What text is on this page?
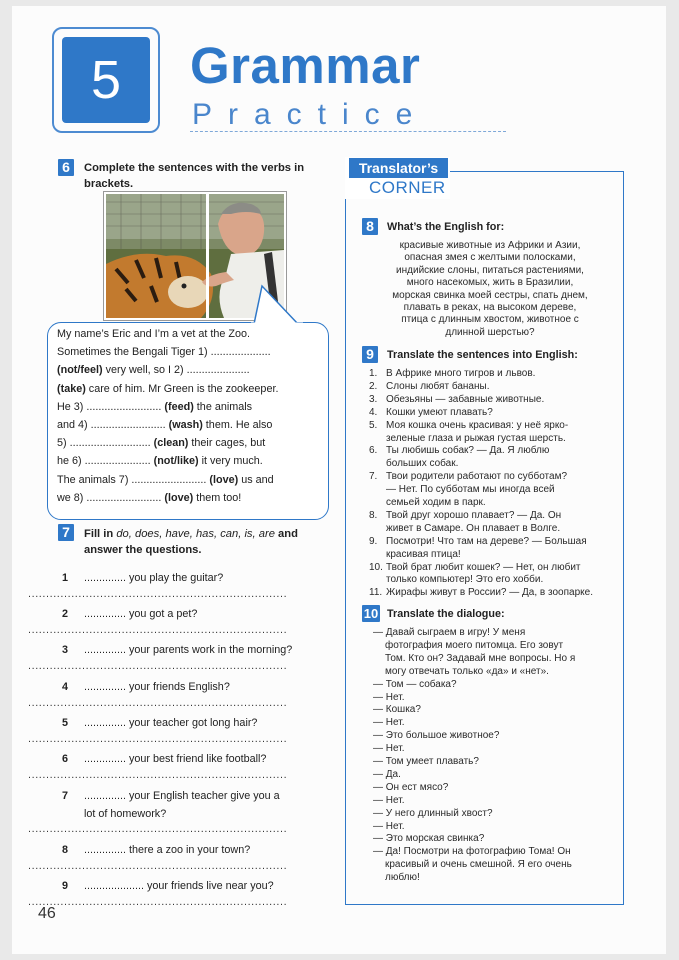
5	Grammar
Practice
6	Complete the sentences with the verbs in
brackets.
My name’s Eric and I’m a vet at the Zoo.
Sometimes the Bengali Tiger 1) ....................
(not/feel) very well, so I 2) .....................
(take) care of him. Mr Green is the zookeeper.
He 3) ......................... (feed) the animals
and 4) ......................... (wash) them. He also
5) ........................... (clean) their cages, but
he 6) ...................... (not/like) it very much.
The animals 7) ......................... (love) us and
we 8) ......................... (love) them too!
7	Fill in do, does, have, has, can, is, are and
answer the questions.
1 .............. you play the guitar?
........................................................................
2 .............. you got a pet?
........................................................................
3 .............. your parents work in the morning?
........................................................................
4 .............. your friends English?
........................................................................
5 .............. your teacher got long hair?
........................................................................
6 .............. your best friend like football?
........................................................................
7 .............. your English teacher give you a
lot of homework?
........................................................................
8 .............. there a zoo in your town?
........................................................................
9 .................... your friends live near you?
........................................................................
Translator’s
CORNER
8	What’s the English for:
красивые животные из Африки и Азии,
опасная змея с желтыми полосками,
индийские слоны, питаться растениями,
много насекомых, жить в Бразилии,
морская свинка моей сестры, спать днем,
плавать в реках, на высоком дереве,
птица с длинным хвостом, животное с
длинной шерстью?
9	Translate the sentences into English:
1. В Африке много тигров и львов.
2. Слоны любят бананы.
3. Обезьяны — забавные животные.
4. Кошки умеют плавать?
5. Моя кошка очень красивая: у неё ярко-
зеленые глаза и рыжая густая шерсть.
6. Ты любишь собак? — Да. Я люблю
больших собак.
7. Твои родители работают по субботам?
— Нет. По субботам мы иногда всей
семьей ходим в парк.
8. Твой друг хорошо плавает? — Да. Он
живет в Самаре. Он плавает в Волге.
9. Посмотри! Что там на дереве? — Большая
красивая птица!
10. Твой брат любит кошек? — Нет, он любит
только компьютер! Это его хобби.
11. Жирафы живут в России? — Да, в зоопарке.
10 Translate the dialogue:
— Давай сыграем в игру! У меня
фотография моего питомца. Его зовут
Том. Кто он? Задавай мне вопросы. Но я
могу отвечать только «да» и «нет».
— Том — собака?
— Нет.
— Кошка?
— Нет.
— Это большое животное?
— Нет.
— Том умеет плавать?
— Да.
— Он ест мясо?
— Нет.
— У него длинный хвост?
— Нет.
— Это морская свинка?
— Да! Посмотри на фотографию Тома! Он
красивый и очень смешной. Я его очень
люблю!
46
